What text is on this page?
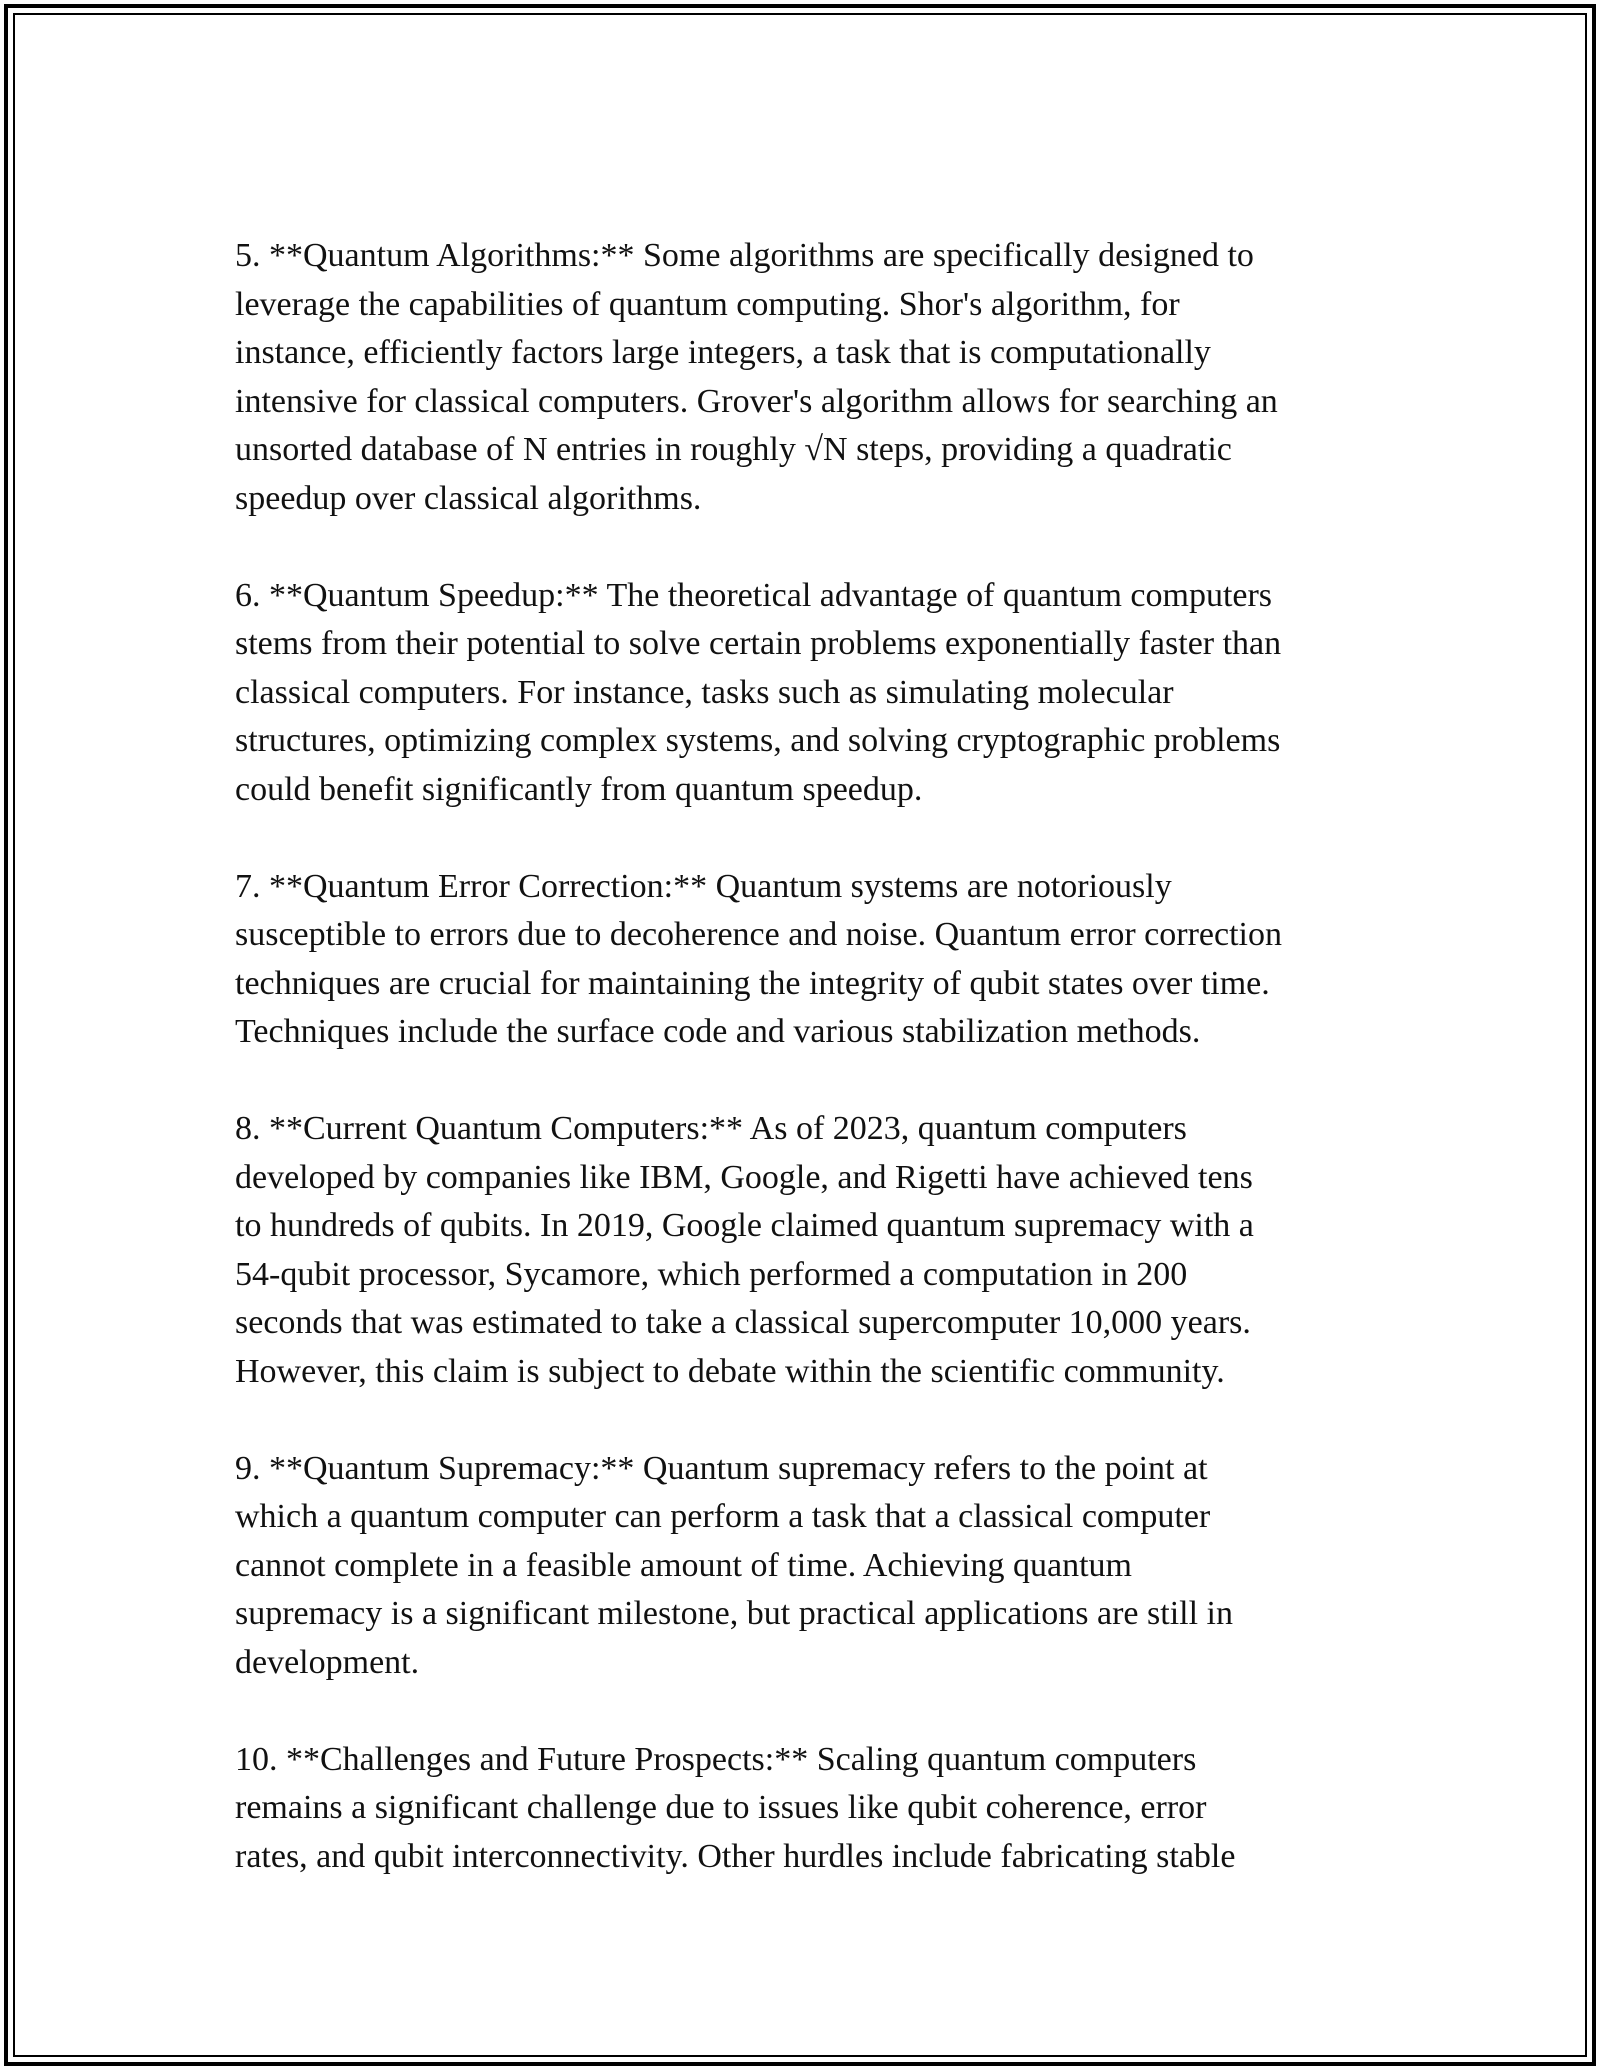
5. **Quantum Algorithms:** Some algorithms are specifically designed to
leverage the capabilities of quantum computing. Shor's algorithm, for
instance, efficiently factors large integers, a task that is computationally
intensive for classical computers. Grover's algorithm allows for searching an
unsorted database of N entries in roughly √N steps, providing a quadratic
speedup over classical algorithms.

6. **Quantum Speedup:** The theoretical advantage of quantum computers
stems from their potential to solve certain problems exponentially faster than
classical computers. For instance, tasks such as simulating molecular
structures, optimizing complex systems, and solving cryptographic problems
could benefit significantly from quantum speedup.

7. **Quantum Error Correction:** Quantum systems are notoriously
susceptible to errors due to decoherence and noise. Quantum error correction
techniques are crucial for maintaining the integrity of qubit states over time.
Techniques include the surface code and various stabilization methods.

8. **Current Quantum Computers:** As of 2023, quantum computers
developed by companies like IBM, Google, and Rigetti have achieved tens
to hundreds of qubits. In 2019, Google claimed quantum supremacy with a
54-qubit processor, Sycamore, which performed a computation in 200
seconds that was estimated to take a classical supercomputer 10,000 years.
However, this claim is subject to debate within the scientific community.

9. **Quantum Supremacy:** Quantum supremacy refers to the point at
which a quantum computer can perform a task that a classical computer
cannot complete in a feasible amount of time. Achieving quantum
supremacy is a significant milestone, but practical applications are still in
development.

10. **Challenges and Future Prospects:** Scaling quantum computers
remains a significant challenge due to issues like qubit coherence, error
rates, and qubit interconnectivity. Other hurdles include fabricating stable
